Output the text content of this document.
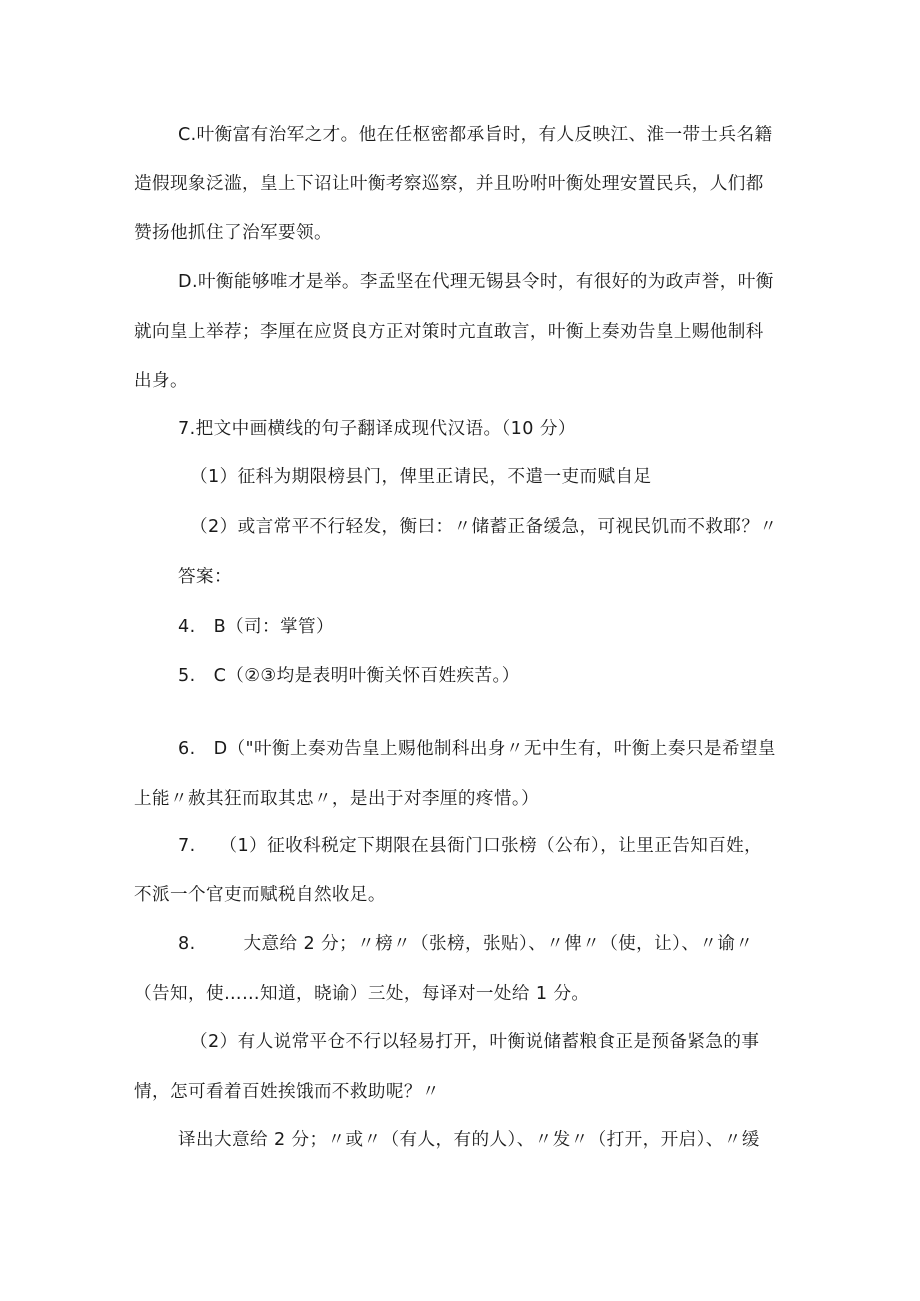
C.叶衡富有治军之才。他在任枢密都承旨时，有人反映江、淮一带士兵名籍

造假现象泛滥，皇上下诏让叶衡考察巡察，并且吩咐叶衡处理安置民兵，人们都

赞扬他抓住了治军要领。

D.叶衡能够唯才是举。李孟坚在代理无锡县令时，有很好的为政声誉，叶衡

就向皇上举荐；李厘在应贤良方正对策时亢直敢言，叶衡上奏劝告皇上赐他制科

出身。

7.把文中画横线的句子翻译成现代汉语。（10 分）

（1）征科为期限榜县门，俾里正请民，不遣一吏而赋自足

（2）或言常平不行轻发，衡曰：〃储蓄正备缓急，可视民饥而不救耶？〃

答案：

4.   B（司：掌管）

5.   C（②③均是表明叶衡关怀百姓疾苦。）

6.   D（"叶衡上奏劝告皇上赐他制科出身〃无中生有，叶衡上奏只是希望皇

上能〃赦其狂而取其忠〃，是出于对李厘的疼惜。）

7.    （1）征收科税定下期限在县衙门口张榜（公布），让里正告知百姓，

不派一个官吏而赋税自然收足。

8.        大意给 2 分；〃榜〃（张榜，张贴）、〃俾〃（使，让）、〃谕〃

（告知，使……知道，晓谕）三处，每译对一处给 1 分。

（2）有人说常平仓不行以轻易打开，叶衡说储蓄粮食正是预备紧急的事

情，怎可看着百姓挨饿而不救助呢？〃

译出大意给 2 分；〃或〃（有人，有的人）、〃发〃（打开，开启）、〃缓
